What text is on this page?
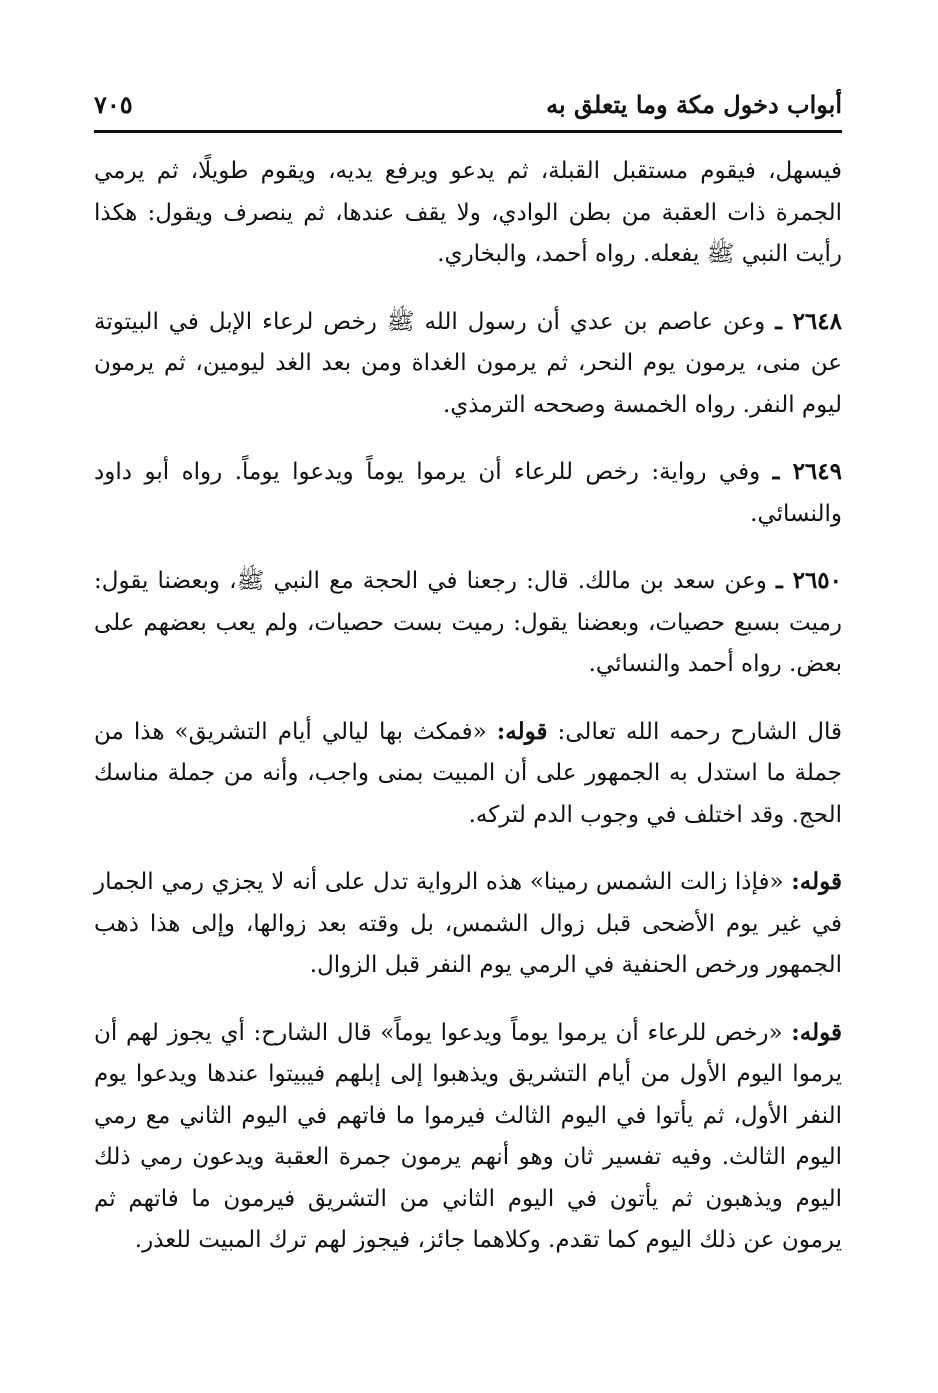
أبواب دخول مكة وما يتعلق به
٧٠٥

فيسهل، فيقوم مستقبل القبلة، ثم يدعو ويرفع يديه، ويقوم طويلًا، ثم يرمي الجمرة ذات العقبة من بطن الوادي، ولا يقف عندها، ثم ينصرف ويقول: هكذا رأيت النبي ﷺ يفعله. رواه أحمد، والبخاري.

٢٦٤٨ ـ وعن عاصم بن عدي أن رسول الله ﷺ رخص لرعاء الإبل في البيتوتة عن منى، يرمون يوم النحر، ثم يرمون الغداة ومن بعد الغد ليومين، ثم يرمون ليوم النفر. رواه الخمسة وصححه الترمذي.

٢٦٤٩ ـ وفي رواية: رخص للرعاء أن يرموا يوماً ويدعوا يوماً. رواه أبو داود والنسائي.

٢٦٥٠ ـ وعن سعد بن مالك. قال: رجعنا في الحجة مع النبي ﷺ، وبعضنا يقول: رميت بسبع حصيات، وبعضنا يقول: رميت بست حصيات، ولم يعب بعضهم على بعض. رواه أحمد والنسائي.

قال الشارح رحمه الله تعالى: قوله: «فمكث بها ليالي أيام التشريق» هذا من جملة ما استدل به الجمهور على أن المبيت بمنى واجب، وأنه من جملة مناسك الحج. وقد اختلف في وجوب الدم لتركه.

قوله: «فإذا زالت الشمس رمينا» هذه الرواية تدل على أنه لا يجزي رمي الجمار في غير يوم الأضحى قبل زوال الشمس، بل وقته بعد زوالها، وإلى هذا ذهب الجمهور ورخص الحنفية في الرمي يوم النفر قبل الزوال.

قوله: «رخص للرعاء أن يرموا يوماً ويدعوا يوماً» قال الشارح: أي يجوز لهم أن يرموا اليوم الأول من أيام التشريق ويذهبوا إلى إبلهم فيبيتوا عندها ويدعوا يوم النفر الأول، ثم يأتوا في اليوم الثالث فيرموا ما فاتهم في اليوم الثاني مع رمي اليوم الثالث. وفيه تفسير ثان وهو أنهم يرمون جمرة العقبة ويدعون رمي ذلك اليوم ويذهبون ثم يأتون في اليوم الثاني من التشريق فيرمون ما فاتهم ثم يرمون عن ذلك اليوم كما تقدم. وكلاهما جائز، فيجوز لهم ترك المبيت للعذر.
